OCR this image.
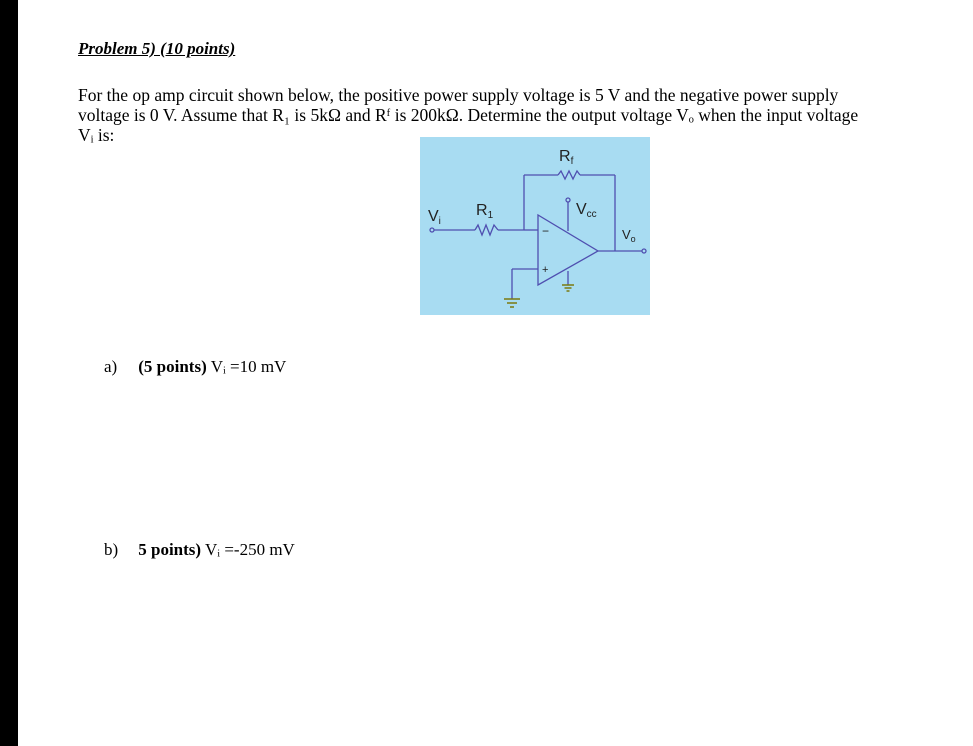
Problem 5) (10 points)
For the op amp circuit shown below, the positive power supply voltage is 5 V and the negative power supply
voltage is 0 V. Assume that R₁ is 5kΩ and Rᶠ is 200kΩ. Determine the output voltage Vₒ when the input voltage
Vᵢ is:
Vi
R1
Rf
Vcc
$V_o$
−
+
a) (5 points) Vᵢ =10 mV
b) 5 points) Vᵢ =-250 mV
